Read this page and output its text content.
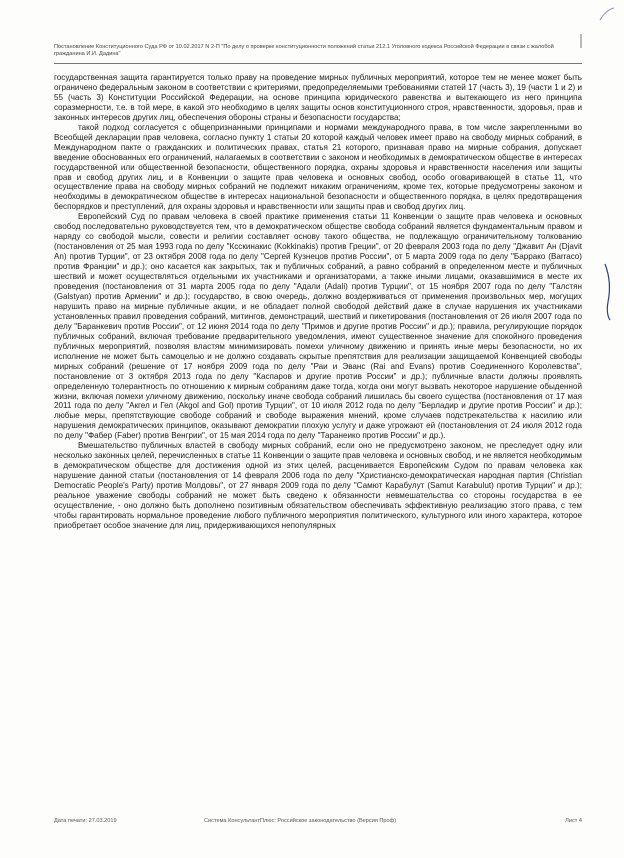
Постановление Конституционного Суда РФ от 10.02.2017 N 2-П "По делу о проверке конституционности положений статьи 212.1 Уголовного кодекса Российской Федерации в связи с жалобой гражданина И.И. Дадина"

государственная защита гарантируется только праву на проведение мирных публичных мероприятий, которое тем не менее может быть ограничено федеральным законом в соответствии с критериями, предопределяемыми требованиями статей 17 (часть 3), 19 (части 1 и 2) и 55 (часть 3) Конституции Российской Федерации, на основе принципа юридического равенства и вытекающего из него принципа соразмерности, т.е. в той мере, в какой это необходимо в целях защиты основ конституционного строя, нравственности, здоровья, прав и законных интересов других лиц, обеспечения обороны страны и безопасности государства;

такой подход согласуется с общепризнанными принципами и нормами международного права, в том числе закрепленными во Всеобщей декларации прав человека, согласно пункту 1 статьи 20 которой каждый человек имеет право на свободу мирных собраний, в Международном пакте о гражданских и политических правах, статья 21 которого, признавая право на мирные собрания, допускает введение обоснованных его ограничений, налагаемых в соответствии с законом и необходимых в демократическом обществе в интересах государственной или общественной безопасности, общественного порядка, охраны здоровья и нравственности населения или защиты прав и свобод других лиц, и в Конвенции о защите прав человека и основных свобод, особо оговаривающей в статье 11, что осуществление права на свободу мирных собраний не подлежит никаким ограничениям, кроме тех, которые предусмотрены законом и необходимы в демократическом обществе в интересах национальной безопасности и общественного порядка, в целях предотвращения беспорядков и преступлений, для охраны здоровья и нравственности или защиты прав и свобод других лиц.

Европейский Суд по правам человека в своей практике применения статьи 11 Конвенции о защите прав человека и основных свобод последовательно руководствуется тем, что в демократическом обществе свобода собраний является фундаментальным правом и наряду со свободой мысли, совести и религии составляет основу такого общества, не подлежащую ограничительному толкованию (постановления от 25 мая 1993 года по делу "Ксскинакис (Kokkinakis) против Греции", от 20 февраля 2003 года по делу "Джавит Ан (Djavit An) против Турции", от 23 октября 2008 года по делу "Сергей Кузнецов против России", от 5 марта 2009 года по делу "Баррако (Barraco) против Франции" и др.); оно касается как закрытых, так и публичных собраний, а равно собраний в определенном месте и публичных шествий и может осуществляться отдельными их участниками и организаторами, а также иными лицами, оказавшимися в месте их проведения (постановления от 31 марта 2005 года по делу "Адали (Adali) против Турции", от 15 ноября 2007 года по делу "Галстян (Galstyan) против Армении" и др.); государство, в свою очередь, должно воздерживаться от применения произвольных мер, могущих нарушить право на мирные публичные акции, и не обладает полной свободой действий даже в случае нарушения их участниками установленных правил проведения собраний, митингов, демонстраций, шествий и пикетирования (постановления от 26 июля 2007 года по делу "Баранкевич против России", от 12 июня 2014 года по делу "Примов и другие против России" и др.); правила, регулирующие порядок публичных собраний, включая требование предварительного уведомления, имеют существенное значение для спокойного проведения публичных мероприятий, позволяя властям минимизировать помехи уличному движению и принять иные меры безопасности, но их исполнение не может быть самоцелью и не должно создавать скрытые препятствия для реализации защищаемой Конвенцией свободы мирных собраний (решение от 17 ноября 2009 года по делу "Раи и Эванс (Rai and Evans) против Соединенного Королевства", постановление от 3 октября 2013 года по делу "Каспаров и другие против России" и др.); публичные власти должны проявлять определенную толерантность по отношению к мирным собраниям даже тогда, когда они могут вызвать некоторое нарушение обыденной жизни, включая помехи уличному движению, поскольку иначе свобода собраний лишилась бы своего существа (постановления от 17 мая 2011 года по делу "Акгел и Гел (Akgol and Gol) против Турции", от 10 июля 2012 года по делу "Берладир и другие против России" и др.); любые меры, препятствующие свободе собраний и свободе выражения мнений, кроме случаев подстрекательства к насилию или нарушения демократических принципов, оказывают демократии плохую услугу и даже угрожают ей (постановления от 24 июля 2012 года по делу "Фабер (Faber) против Венгрии", от 15 мая 2014 года по делу "Таранеико против России" и др.).

Вмешательство публичных властей в свободу мирных собраний, если оно не предусмотрено законом, не преследует одну или несколько законных целей, перечисленных в статье 11 Конвенции о защите прав человека и основных свобод, и не является необходимым в демократическом обществе для достижения одной из этих целей, расценивается Европейским Судом по правам человека как нарушение данной статьи (постановления от 14 февраля 2006 года по делу "Христианско-демократическая народная партия (Christian Democratic People's Party) против Молдовы", от 27 января 2009 года по делу "Самют Карабулут (Samut Karabulut) против Турции" и др.); реальное уважение свободы собраний не может быть сведено к обязанности невмешательства со стороны государства в ее осуществление, - оно должно быть дополнено позитивным обязательством обеспечивать эффективную реализацию этого права, с тем чтобы гарантировать нормальное проведение любого публичного мероприятия политического, культурного или иного характера, которое приобретает особое значение для лиц, придерживающихся непопулярных

Дата печати: 27.03.2019	Система КонсультантПлюс: Российское законодательство (Версия Проф)	Лист 4
